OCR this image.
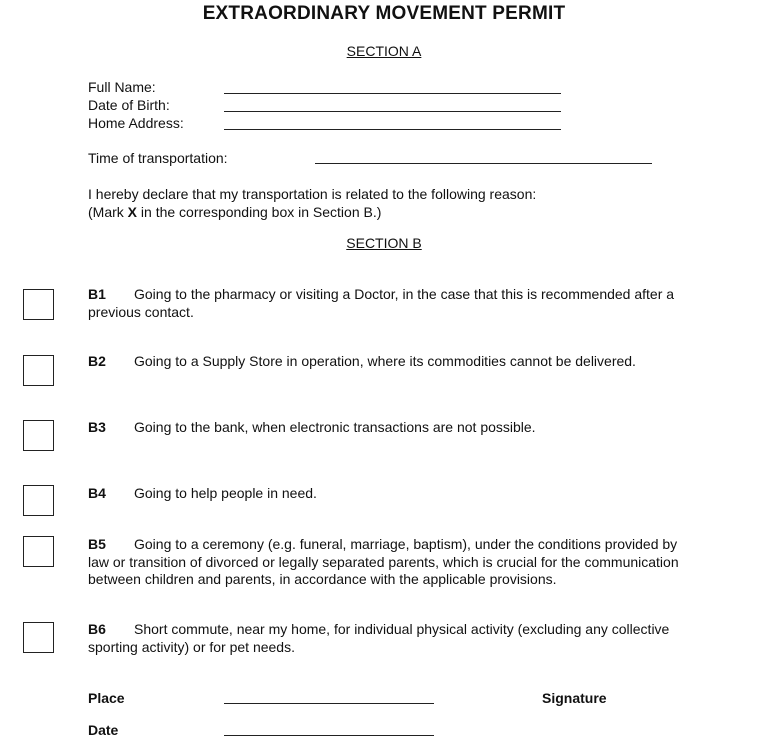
EXTRAORDINARY MOVEMENT PERMIT
SECTION A
Full Name:
Date of Birth:
Home Address:
Time of transportation:
I hereby declare that my transportation is related to the following reason:
(Mark X in the corresponding box in Section B.)
SECTION B
B1 Going to the pharmacy or visiting a Doctor, in the case that this is recommended after a previous contact.
B2 Going to a Supply Store in operation, where its commodities cannot be delivered.
B3 Going to the bank, when electronic transactions are not possible.
B4 Going to help people in need.
B5 Going to a ceremony (e.g. funeral, marriage, baptism), under the conditions provided by law or transition of divorced or legally separated parents, which is crucial for the communication between children and parents, in accordance with the applicable provisions.
B6 Short commute, near my home, for individual physical activity (excluding any collective sporting activity) or for pet needs.
Place	Signature
Date
